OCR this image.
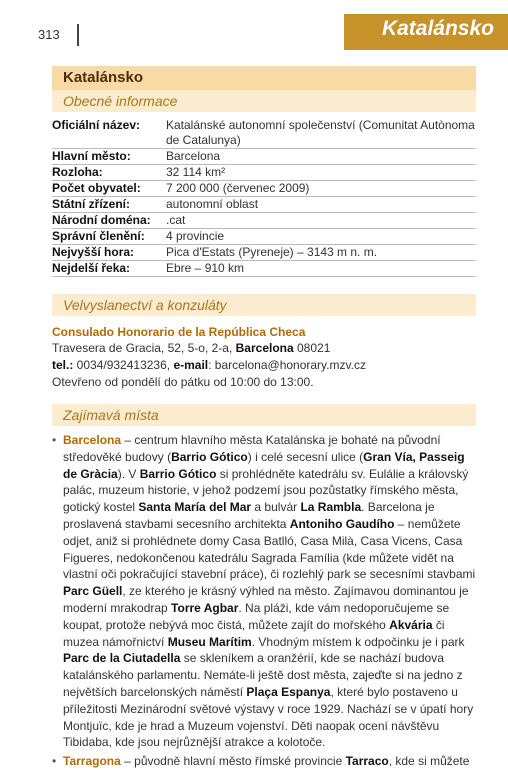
313	Katalánsko
Katalánsko
Obecné informace
Oficiální název:	Katalánské autonomní společenství (Comunitat Autònoma de Catalunya)
Hlavní město:	Barcelona
Rozloha:	32 114 km²
Počet obyvatel:	7 200 000 (červenec 2009)
Státní zřízení:	autonomní oblast
Národní doména:	.cat
Správní členění:	4 provincie
Nejvyšší hora:	Pica d'Estats (Pyreneje) – 3143 m n. m.
Nejdelší řeka:	Ebre – 910 km
Velvyslanectví a konzuláty
Consulado Honorario de la República Checa
Travesera de Gracia, 52, 5-o, 2-a, Barcelona 08021
tel.: 0034/932413236, e-mail: barcelona@honorary.mzv.cz
Otevřeno od pondělí do pátku od 10:00 do 13:00.
Zajímavá místa
• Barcelona – centrum hlavního města Katalánska je bohaté na původní středověké budovy (Barrio Gótico) i celé secesní ulice (Gran Vía, Passeig de Gràcia). V Barrio Gótico si prohlédněte katedrálu sv. Eulálie a královský palác, muzeum historie, v jehož podzemí jsou pozůstatky římského města, gotický kostel Santa María del Mar a bulvár La Rambla. Barcelona je proslavená stavbami secesního architekta Antoniho Gaudího – nemůžete odjet, aniž si prohlédnete domy Casa Batlló, Casa Milà, Casa Vicens, Casa Figueres, nedokončenou katedrálu Sagrada Família (kde můžete vidět na vlastní oči pokračující stavební práce), či rozlehlý park se secesními stavbami Parc Güell, ze kterého je krásný výhled na město. Zajímavou dominantou je moderní mrakodrap Torre Agbar. Na pláži, kde vám nedoporučujeme se koupat, protože nebývá moc čistá, můžete zajít do mořského Akvária či muzea námořnictví Museu Marítim. Vhodným místem k odpočinku je i park Parc de la Ciutadella se skleníkem a oranžérií, kde se nachází budova katalánského parlamentu. Nemáte-li ještě dost města, zajeďte si na jedno z největších barcelonských náměstí Plaça Espanya, které bylo postaveno u příležitosti Mezinárodní světové výstavy v roce 1929. Nachází se v úpatí hory Montjuïc, kde je hrad a Muzeum vojenství. Děti naopak ocení návštěvu Tibidaba, kde jsou nejrůznější atrakce a kolotoče.
• Tarragona – původně hlavní město římské provincie Tarraco, kde si můžete
